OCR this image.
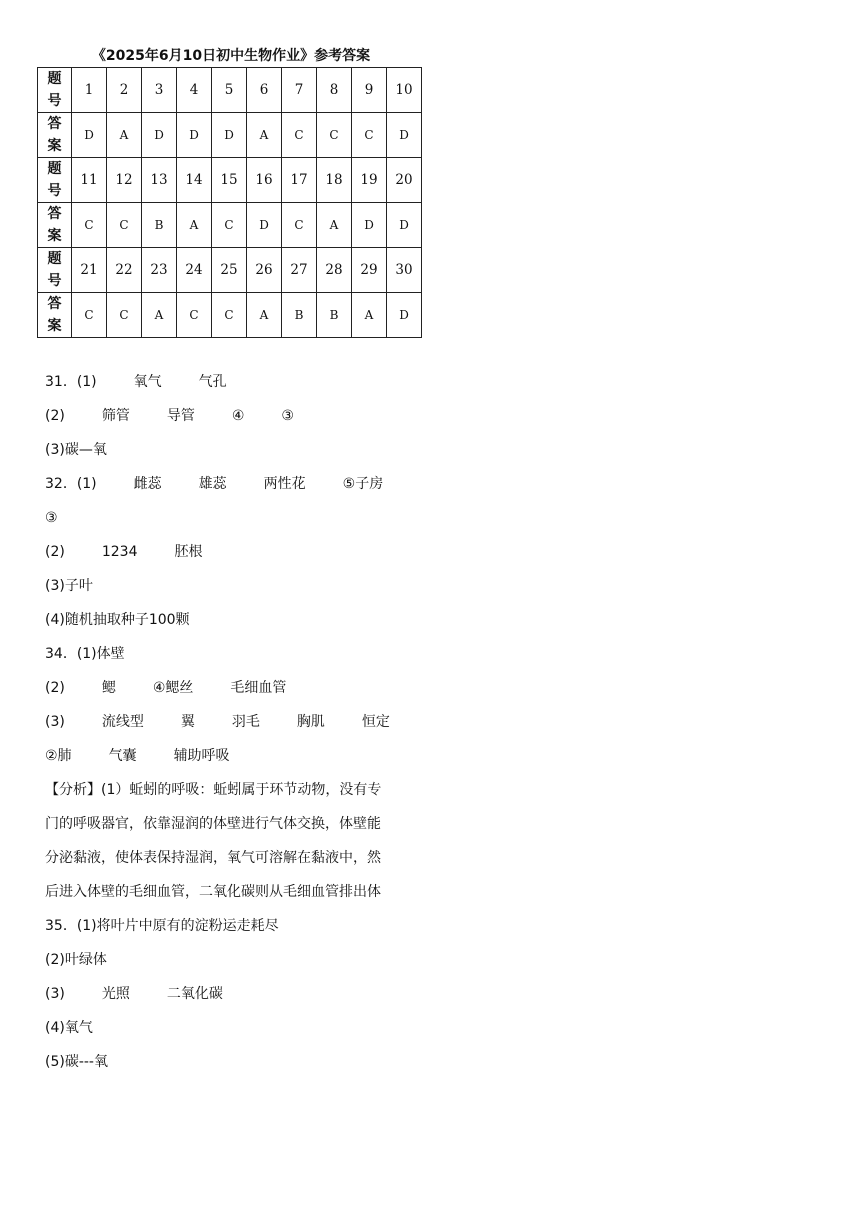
《2025年6月10日初中生物作业》参考答案
题
号	1	2	3	4	5	6	7	8	9	10

答
案	D	A	D	D	D	A	C	C	C	D

题
号	11	12	13	14	15	16	17	18	19	20

答
案	C	C	B	A	C	D	C	A	D	D

题
号	21	22	23	24	25	26	27	28	29	30

答
案	C	C	A	C	C	A	B	B	A	D
31．(1)	氧气	气孔
(2)	筛管	导管	④	③
(3)碳—氧
32．(1)	雌蕊	雄蕊	两性花	⑤子房
③
(2)	1234	胚根
(3)子叶
(4)随机抽取种子100颗
34．(1)体壁
(2)	鳃	④鳃丝	毛细血管
(3)	流线型	翼	羽毛	胸肌	恒定
②肺	气囊	辅助呼吸
【分析】(1）蚯蚓的呼吸：蚯蚓属于环节动物，没有专
门的呼吸器官，依靠湿润的体壁进行气体交换，体壁能
分泌黏液，使体表保持湿润，氧气可溶解在黏液中，然
后进入体壁的毛细血管，二氧化碳则从毛细血管排出体
35．(1)将叶片中原有的淀粉运走耗尽
(2)叶绿体
(3)	光照	二氧化碳
(4)氧气
(5)碳---氧
